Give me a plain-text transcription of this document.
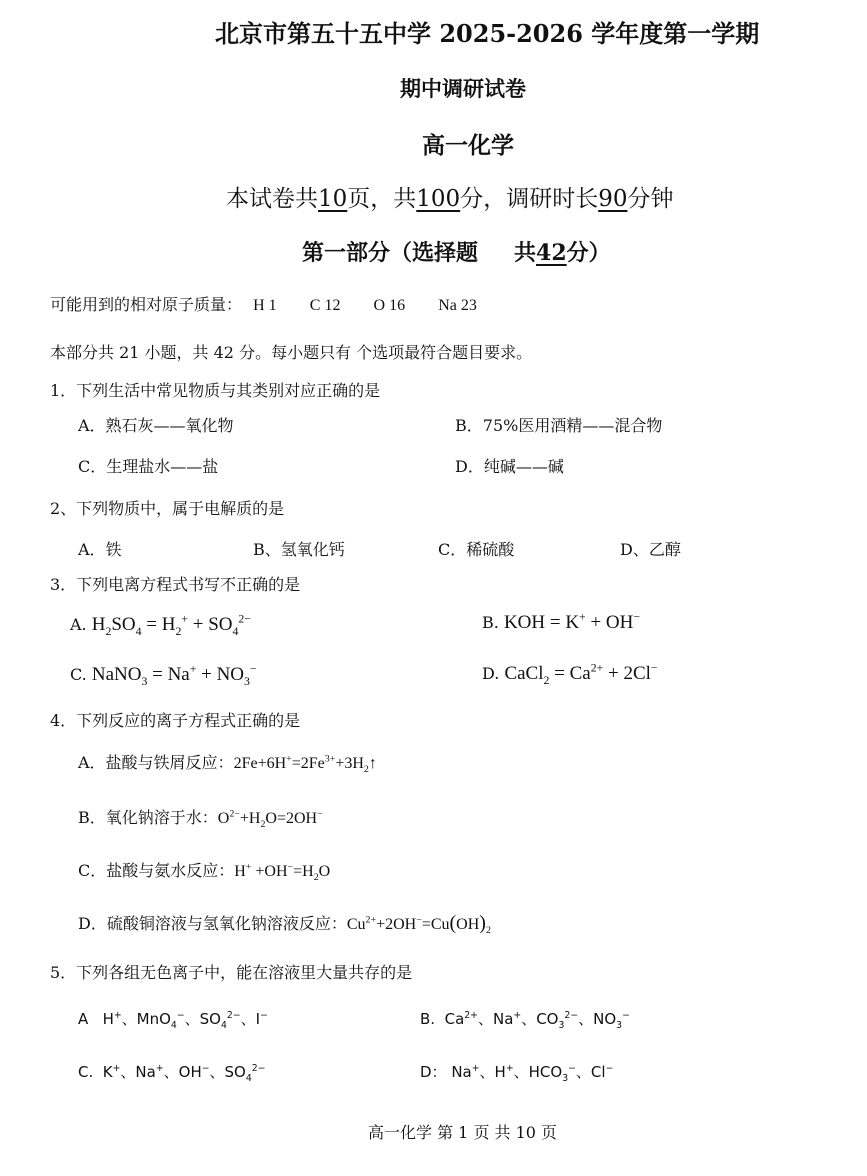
北京市第五十五中学 2025-2026 学年度第一学期
期中调研试卷
高一化学
本试卷共10页，共100分，调研时长90分钟
第一部分（选择题 共42分）
可能用到的相对原子质量： H 1 C 12 O 16 Na 23
本部分共 21 小题，共 42 分。每小题只有 个选项最符合题目要求。
1．下列生活中常见物质与其类别对应正确的是
A．熟石灰——氧化物	B．75%医用酒精——混合物
C．生理盐水——盐	D．纯碱——碱
2、下列物质中，属于电解质的是
A．铁	B、氢氧化钙	C．稀硫酸	D、乙醇
3．下列电离方程式书写不正确的是
A. $H_2SO_4 = H_2^+ + SO_4^{2-}$	B. KOH = K+ + OH−
C. NaNO$_3$ = $Na^+ + NO_3^-$	D. CaCl$_2$ = $Ca^{2+} + 2Cl^-$
4．下列反应的离子方程式正确的是
A．盐酸与铁屑反应：$2Fe+6H^+=2Fe^{3+}+3H_2↑$
B．氧化钠溶于水：$O^{2-}+H_2O=2OH^-$
C．盐酸与氨水反应：$H^+ +OH^-=H_2O$
D．硫酸铜溶液与氢氧化钠溶液反应：$Cu^{2+}+2OH^-=Cu(OH)_2$
5．下列各组无色离子中，能在溶液里大量共存的是
A   H+、MnO$_4$−、$SO_4^{2-}$、I−	B.  $Ca^{2+}$、Na+、$CO_3^{2-}$、$NO_3^-$
C.  K+、Na+、OH−、$SO_4^{2-}$	D： Na+、H+、$HCO_3^-$、Cl−
高一化学 第 1 页 共 10 页
